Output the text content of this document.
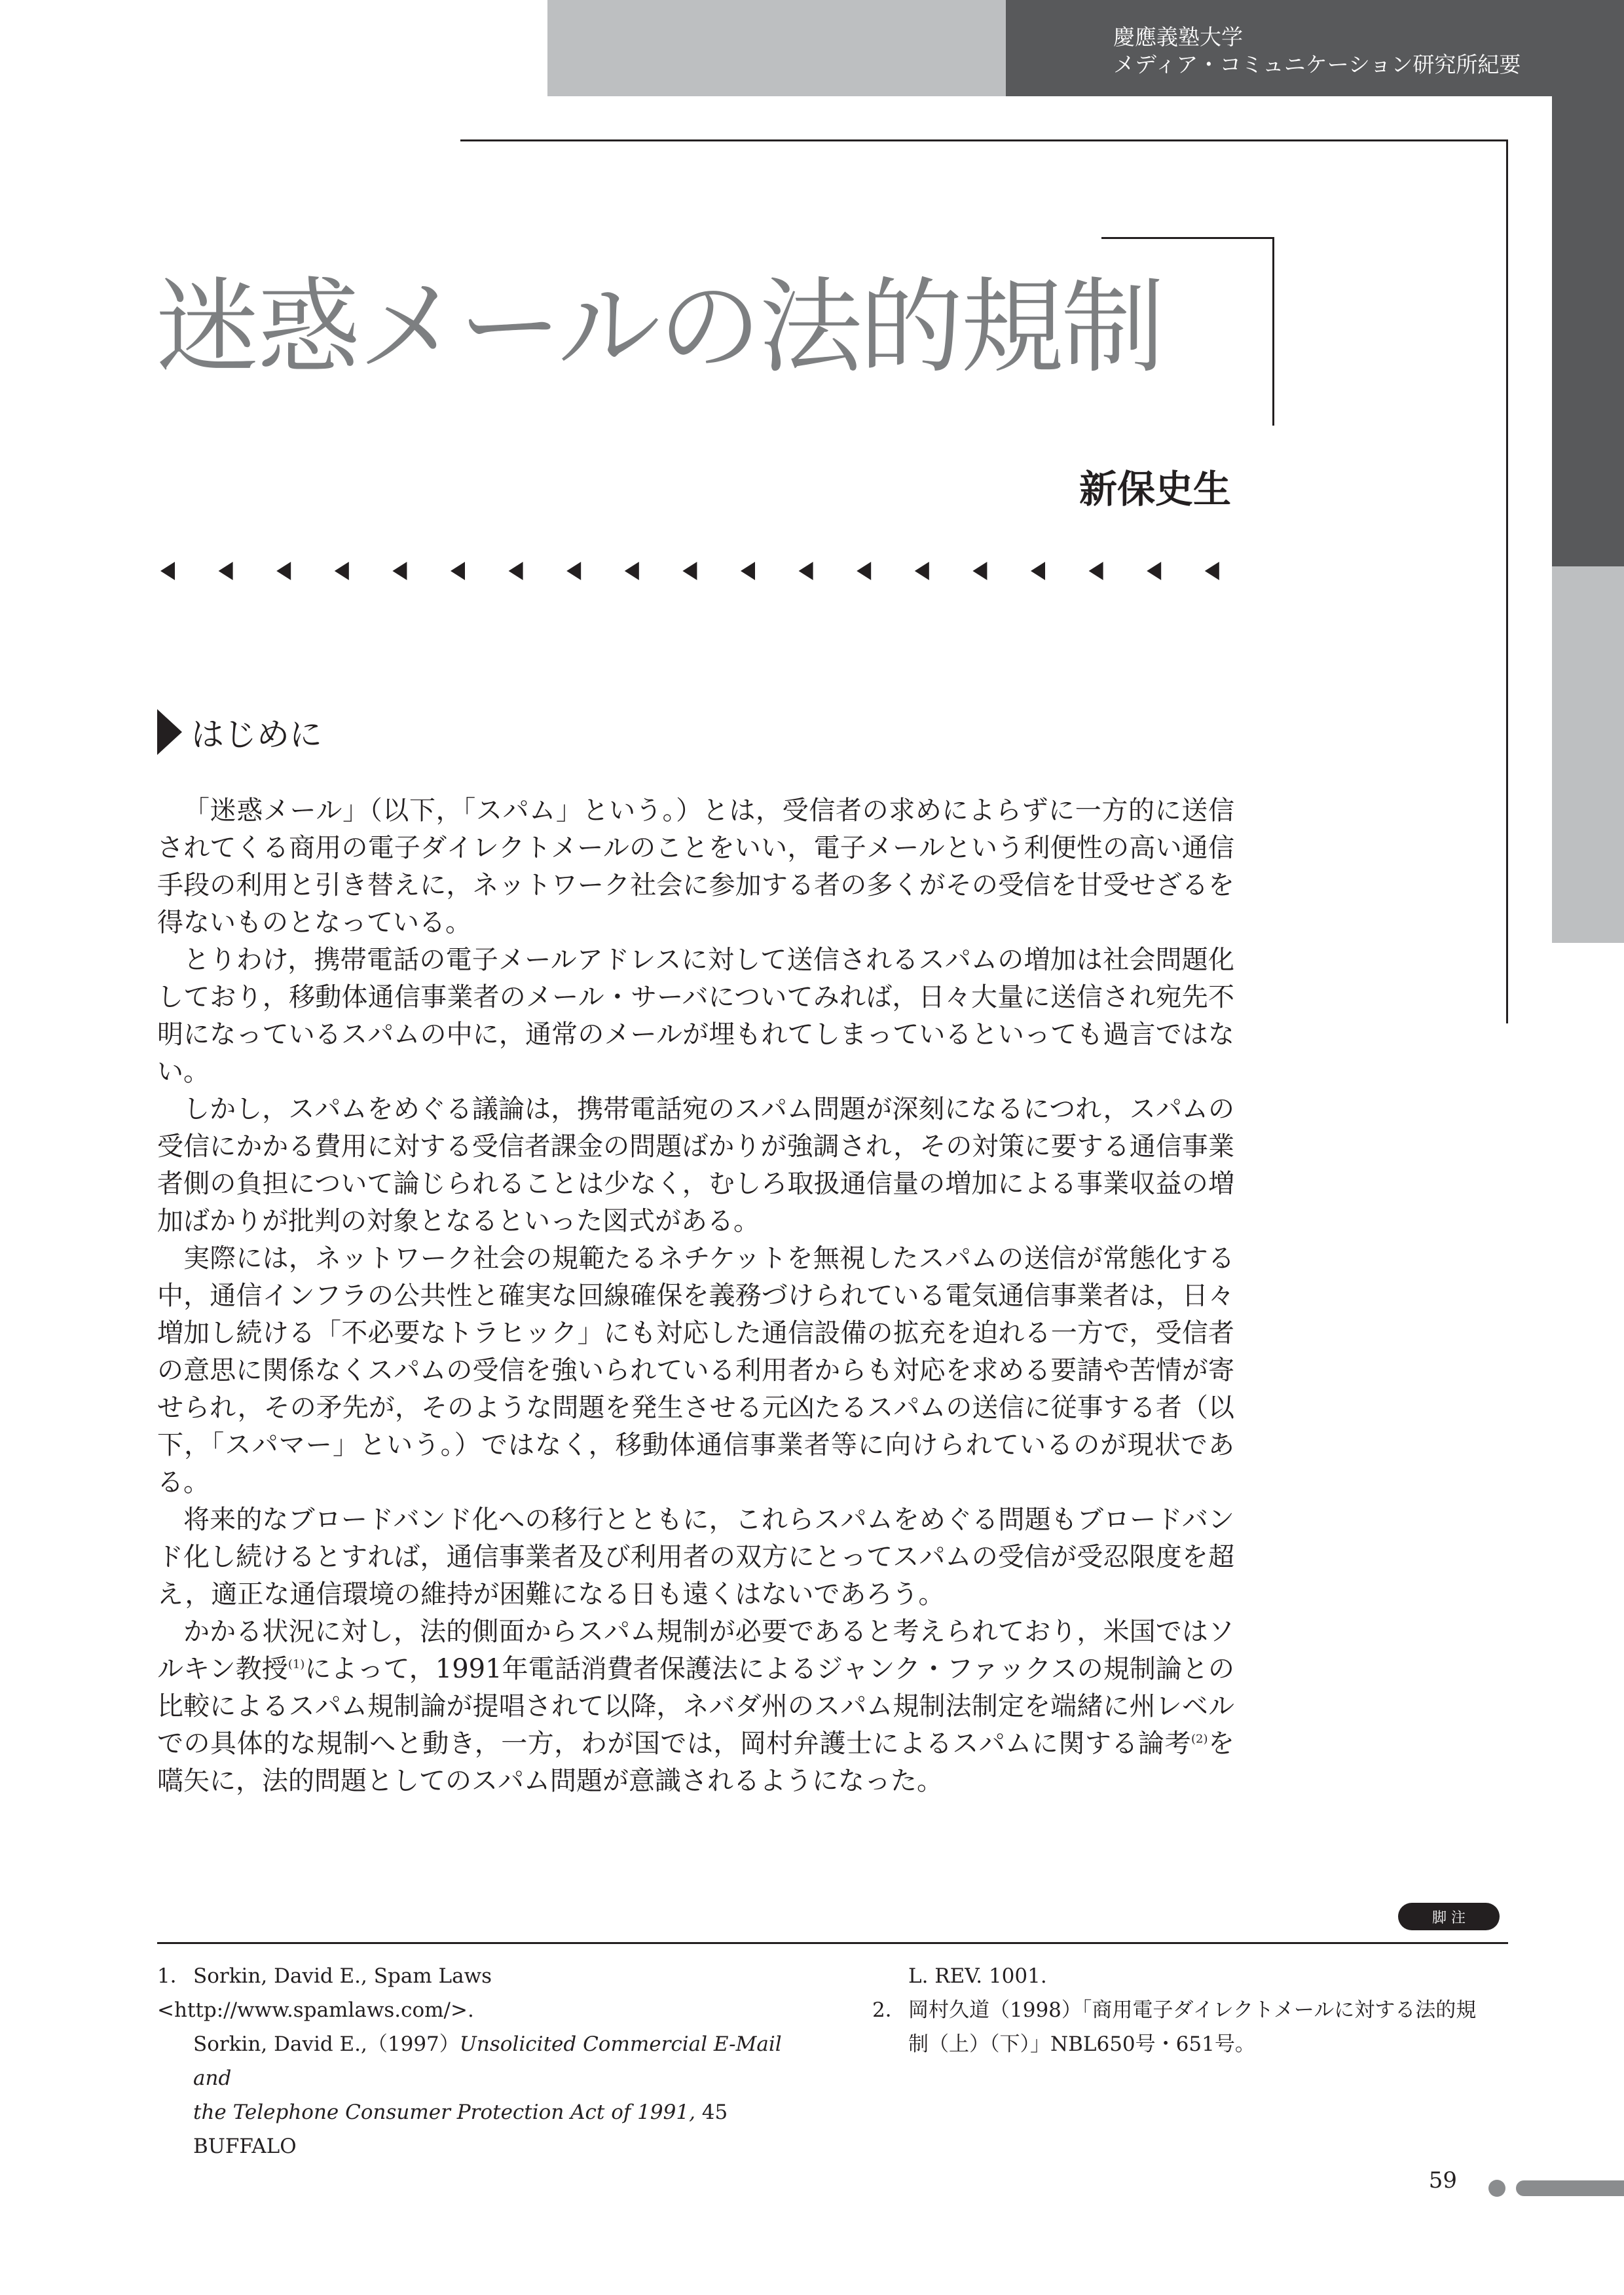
慶應義塾大学
メディア・コミュニケーション研究所紀要
迷惑メールの法的規制
新保史生
はじめに

「迷惑メール」（以下，「スパム」という。）とは，受信者の求めによらずに一方的に送信されてくる商用の電子ダイレクトメールのことをいい，電子メールという利便性の高い通信手段の利用と引き替えに，ネットワーク社会に参加する者の多くがその受信を甘受せざるを得ないものとなっている。

とりわけ，携帯電話の電子メールアドレスに対して送信されるスパムの増加は社会問題化しており，移動体通信事業者のメール・サーバについてみれば，日々大量に送信され宛先不明になっているスパムの中に，通常のメールが埋もれてしまっているといっても過言ではない。

しかし，スパムをめぐる議論は，携帯電話宛のスパム問題が深刻になるにつれ，スパムの受信にかかる費用に対する受信者課金の問題ばかりが強調され，その対策に要する通信事業者側の負担について論じられることは少なく，むしろ取扱通信量の増加による事業収益の増加ばかりが批判の対象となるといった図式がある。

実際には，ネットワーク社会の規範たるネチケットを無視したスパムの送信が常態化する中，通信インフラの公共性と確実な回線確保を義務づけられている電気通信事業者は，日々増加し続ける「不必要なトラヒック」にも対応した通信設備の拡充を迫れる一方で，受信者の意思に関係なくスパムの受信を強いられている利用者からも対応を求める要請や苦情が寄せられ，その矛先が，そのような問題を発生させる元凶たるスパムの送信に従事する者（以下，「スパマー」という。）ではなく，移動体通信事業者等に向けられているのが現状である。

将来的なブロードバンド化への移行とともに，これらスパムをめぐる問題もブロードバンド化し続けるとすれば，通信事業者及び利用者の双方にとってスパムの受信が受忍限度を超え，適正な通信環境の維持が困難になる日も遠くはないであろう。

かかる状況に対し，法的側面からスパム規制が必要であると考えられており，米国ではソルキン教授$^{(1)}$によって，1991年電話消費者保護法によるジャンク・ファックスの規制論との比較によるスパム規制論が提唱されて以降，ネバダ州のスパム規制法制定を端緒に州レベルでの具体的な規制へと動き，一方，わが国では，岡村弁護士によるスパムに関する論考$^{(2)}$を嚆矢に，法的問題としてのスパム問題が意識されるようになった。

脚 注
1． Sorkin, David E., Spam Laws <http://www.spamlaws.com/>.
Sorkin, David E.,（1997）Unsolicited Commercial E-Mail and
the Telephone Consumer Protection Act of 1991, 45 BUFFALO
L. REV. 1001.
2． 岡村久道（1998）「商用電子ダイレクトメールに対する法的規
制（上）（下）」NBL650号・651号。
59
